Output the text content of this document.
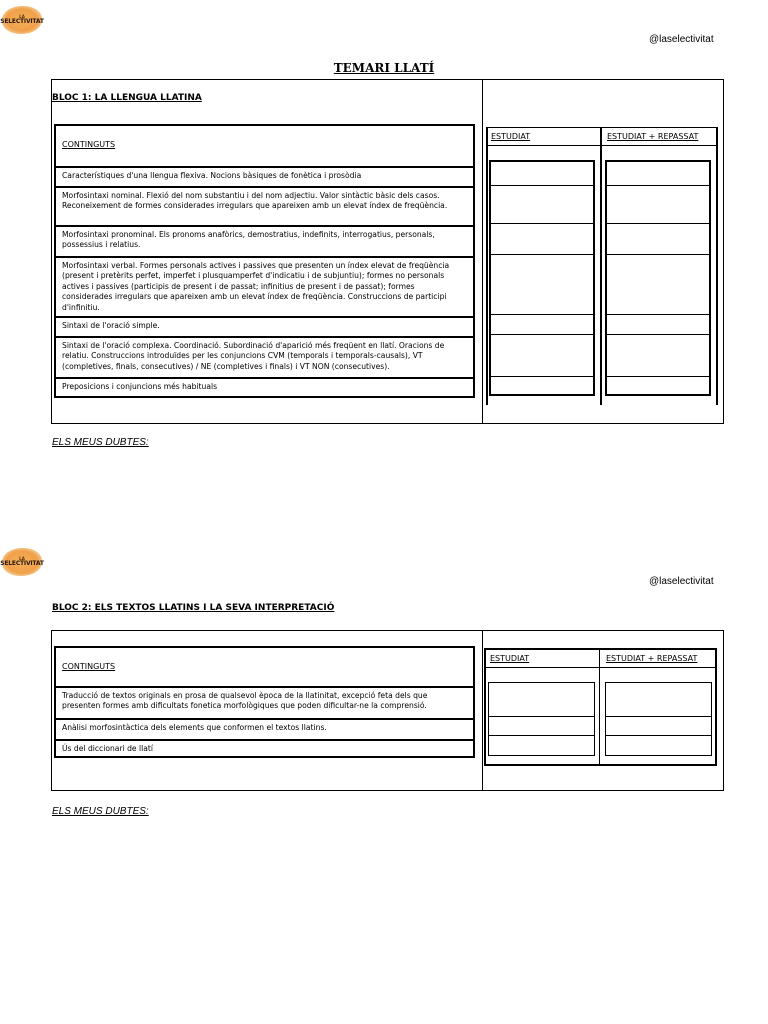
LA
SELECTIVITAT
@laselectivitat
TEMARI LLATÍ
BLOC 1: LA LLENGUA LLATINA
CONTINGUTS
Característiques d'una llengua flexiva. Nocions bàsiques de fonètica i prosòdia
Morfosintaxi nominal. Flexió del nom substantiu i del nom adjectiu. Valor sintàctic bàsic dels casos. Reconeixement de formes considerades irregulars que apareixen amb un elevat índex de freqüència.
Morfosintaxi pronominal. Els pronoms anafòrics, demostratius, indefinits, interrogatius, personals, possessius i relatius.
Morfosintaxi verbal. Formes personals actives i passives que presenten un índex elevat de freqüència (present i pretèrits perfet, imperfet i plusquamperfet d'indicatiu i de subjuntiu); formes no personals actives i passives (participis de present i de passat; infinitius de present i de passat); formes considerades irregulars que apareixen amb un elevat índex de freqüència. Construccions de participi d'infinitiu.
Sintaxi de l'oració simple.
Sintaxi de l'oració complexa. Coordinació. Subordinació d'aparició més freqüent en llatí. Oracions de relatiu. Construccions introduïdes per les conjuncions CVM (temporals i temporals-causals), VT (completives, finals, consecutives) / NE (completives i finals) i VT NON (consecutives).
Preposicions i conjuncions més habituals
ESTUDIAT	ESTUDIAT + REPASSAT
ELS MEUS DUBTES:
LA
SELECTIVITAT
@laselectivitat
BLOC 2: ELS TEXTOS LLATINS I LA SEVA INTERPRETACIÓ
CONTINGUTS
Traducció de textos originals en prosa de qualsevol època de la llatinitat, excepció feta dels que presenten formes amb dificultats fonetica morfològiques que poden dificultar-ne la comprensió.
Anàlisi morfosintàctica dels elements que conformen el textos llatins.
Ús del diccionari de llatí
ESTUDIAT	ESTUDIAT + REPASSAT
ELS MEUS DUBTES:
